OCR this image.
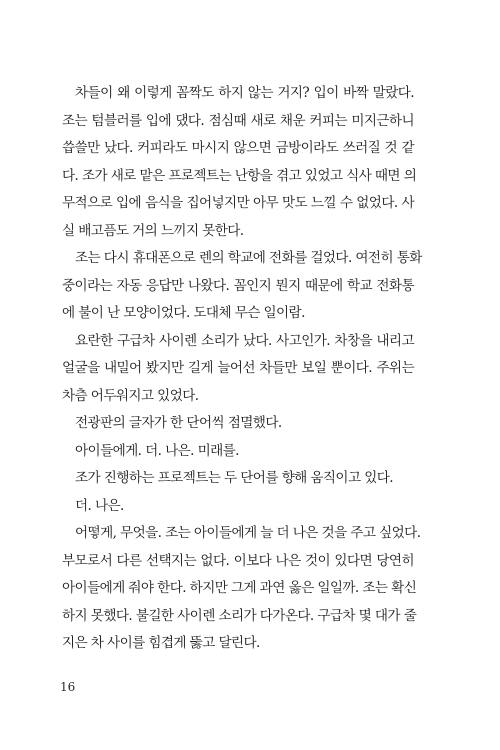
차들이 왜 이렇게 꼼짝도 하지 않는 거지? 입이 바짝 말랐다.
조는 텀블러를 입에 댔다. 점심때 새로 채운 커피는 미지근하니
씁쓸만 났다. 커피라도 마시지 않으면 금방이라도 쓰러질 것 같
다. 조가 새로 맡은 프로젝트는 난항을 겪고 있었고 식사 때면 의
무적으로 입에 음식을 집어넣지만 아무 맛도 느낄 수 없었다. 사
실 배고픔도 거의 느끼지 못한다.

조는 다시 휴대폰으로 렌의 학교에 전화를 걸었다. 여전히 통화
중이라는 자동 응답만 나왔다. 꼼인지 뭔지 때문에 학교 전화통
에 불이 난 모양이었다. 도대체 무슨 일이람.

요란한 구급차 사이렌 소리가 났다. 사고인가. 차창을 내리고
얼굴을 내밀어 봤지만 길게 늘어선 차들만 보일 뿐이다. 주위는
차츰 어두워지고 있었다.

전광판의 글자가 한 단어씩 점멸했다.

아이들에게. 더. 나은. 미래를.

조가 진행하는 프로젝트는 두 단어를 향해 움직이고 있다.

더. 나은.

어떻게, 무엇을. 조는 아이들에게 늘 더 나은 것을 주고 싶었다.
부모로서 다른 선택지는 없다. 이보다 나은 것이 있다면 당연히
아이들에게 줘야 한다. 하지만 그게 과연 옳은 일일까. 조는 확신
하지 못했다. 불길한 사이렌 소리가 다가온다. 구급차 몇 대가 줄
지은 차 사이를 힘겹게 뚫고 달린다.

16
